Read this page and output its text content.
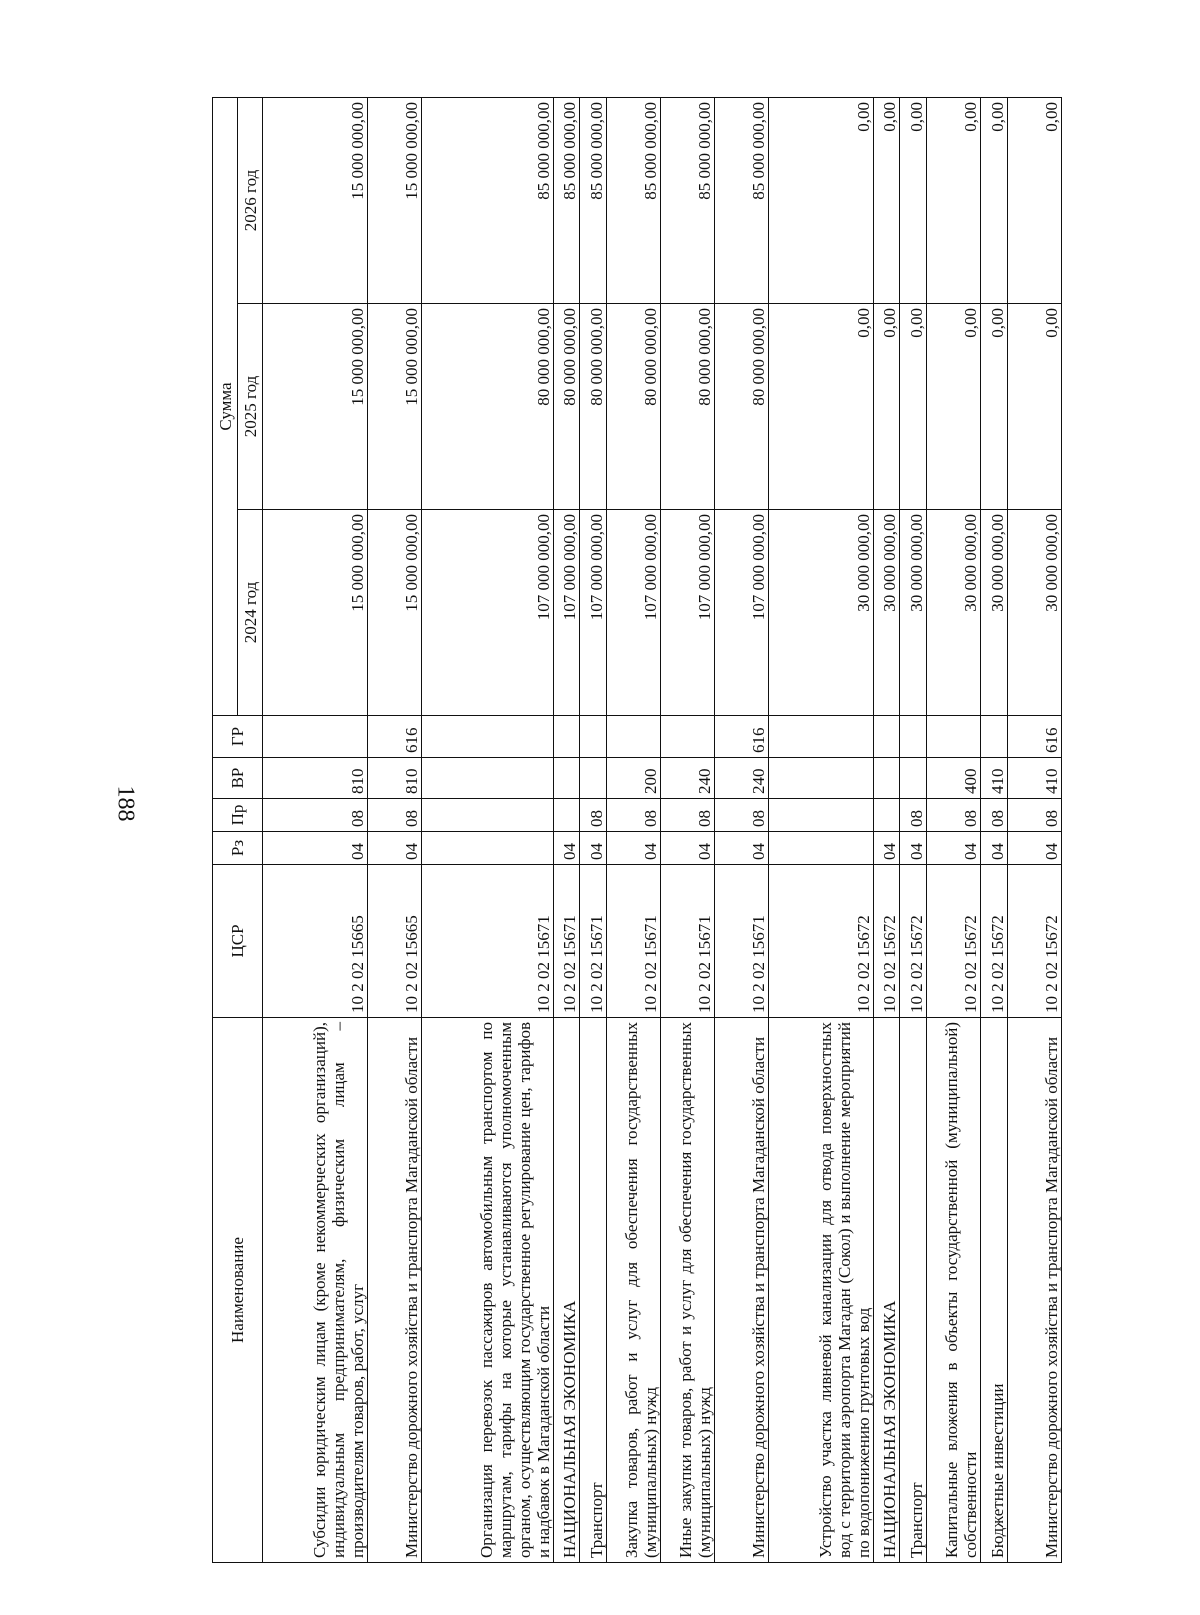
188
Наименование	ЦСР	Рз	Пр	ВР	ГР	Сумма		
						2024 год	2025 год	2026 год
Субсидии юридическим лицам (кроме некоммерческих организаций), индивидуальным предпринимателям, физическим лицам – производителям товаров, работ, услуг	10 2 02 15665	04	08	810		15 000 000,00	15 000 000,00	15 000 000,00
Министерство дорожного хозяйства и транспорта Магаданской области	10 2 02 15665	04	08	810	616	15 000 000,00	15 000 000,00	15 000 000,00
Организация перевозок пассажиров автомобильным транспортом по маршрутам, тарифы на которые устанавливаются уполномоченным органом, осуществляющим государственное регулирование цен, тарифов и надбавок в Магаданской области	10 2 02 15671					107 000 000,00	80 000 000,00	85 000 000,00
НАЦИОНАЛЬНАЯ ЭКОНОМИКА	10 2 02 15671	04				107 000 000,00	80 000 000,00	85 000 000,00
Транспорт	10 2 02 15671	04	08			107 000 000,00	80 000 000,00	85 000 000,00
Закупка товаров, работ и услуг для обеспечения государственных (муниципальных) нужд	10 2 02 15671	04	08	200		107 000 000,00	80 000 000,00	85 000 000,00
Иные закупки товаров, работ и услуг для обеспечения государственных (муниципальных) нужд	10 2 02 15671	04	08	240		107 000 000,00	80 000 000,00	85 000 000,00
Министерство дорожного хозяйства и транспорта Магаданской области	10 2 02 15671	04	08	240	616	107 000 000,00	80 000 000,00	85 000 000,00
Устройство участка ливневой канализации для отвода поверхностных вод с территории аэропорта Магадан (Сокол) и выполнение мероприятий по водопонижению грунтовых вод	10 2 02 15672					30 000 000,00	0,00	0,00
НАЦИОНАЛЬНАЯ ЭКОНОМИКА	10 2 02 15672	04				30 000 000,00	0,00	0,00
Транспорт	10 2 02 15672	04	08			30 000 000,00	0,00	0,00
Капитальные вложения в объекты государственной (муниципальной) собственности	10 2 02 15672	04	08	400		30 000 000,00	0,00	0,00
Бюджетные инвестиции	10 2 02 15672	04	08	410		30 000 000,00	0,00	0,00
Министерство дорожного хозяйства и транспорта Магаданской области	10 2 02 15672	04	08	410	616	30 000 000,00	0,00	0,00
